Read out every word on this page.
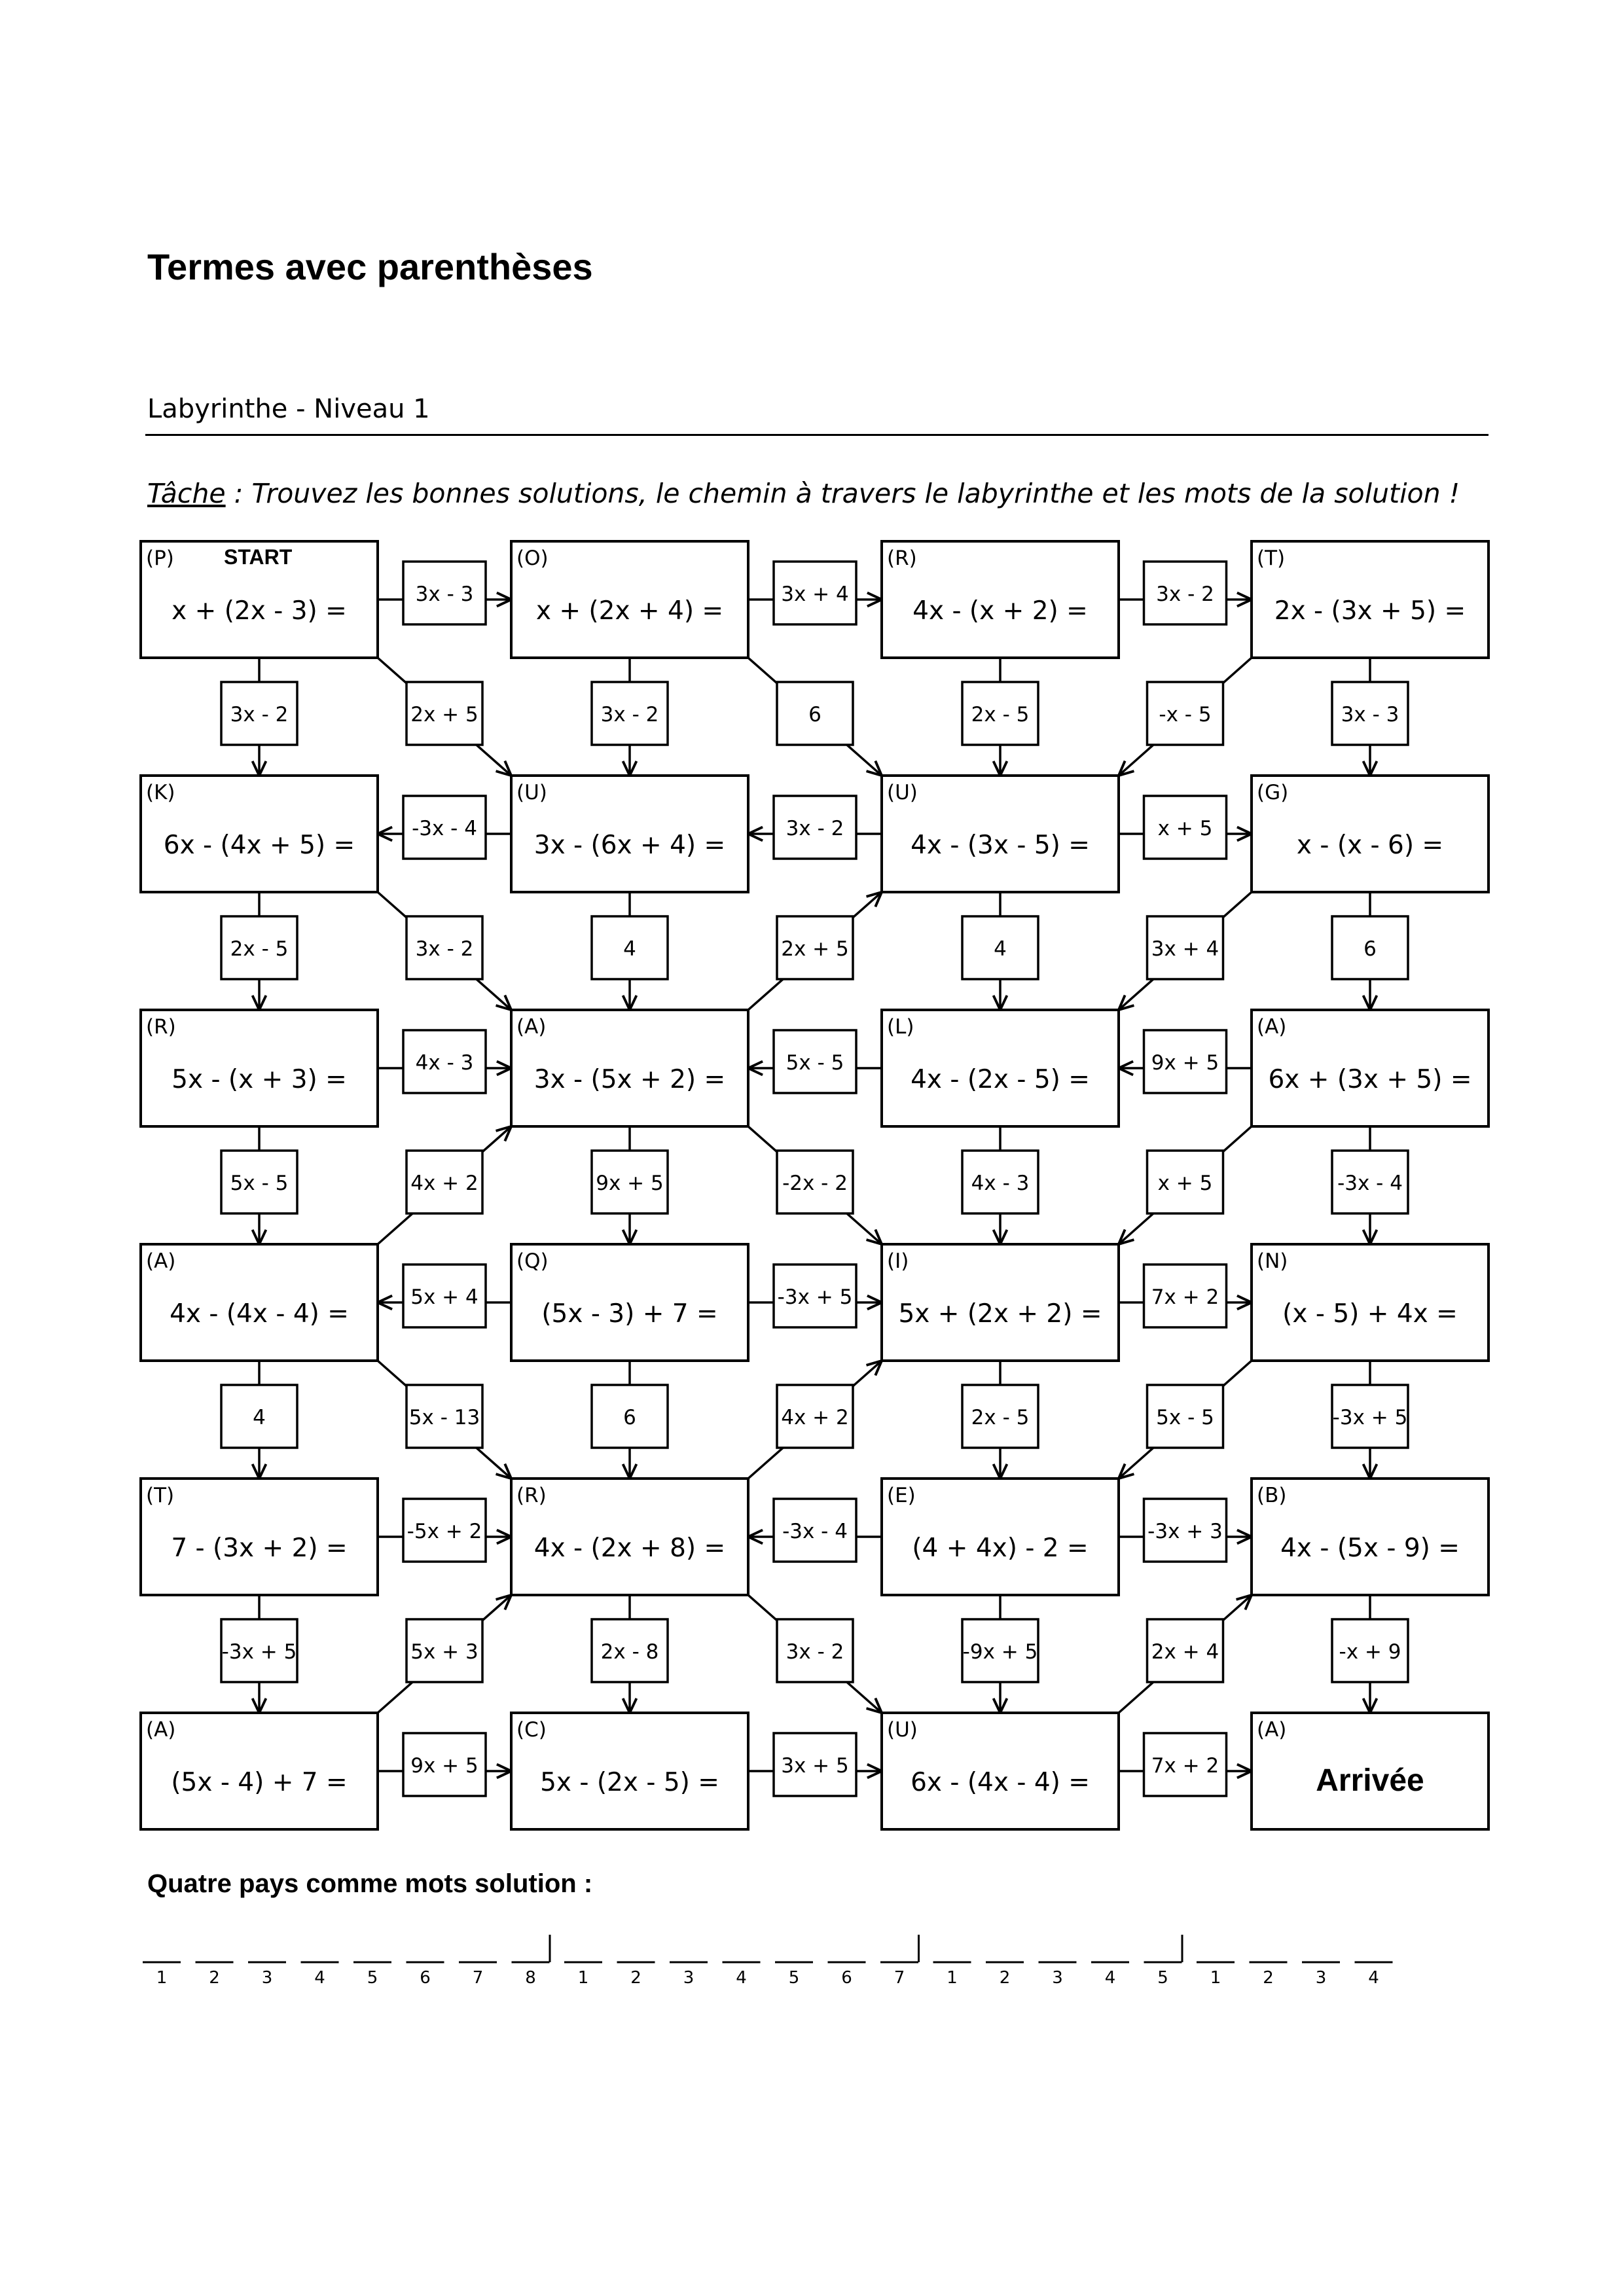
Termes avec parenthèses
Labyrinthe - Niveau 1
Tâche : Trouvez les bonnes solutions, le chemin à travers le labyrinthe et les mots de la solution !
(P)
x + (2x - 3) =
(O)
x + (2x + 4) =
(R)
4x - (x + 2) =
(T)
2x - (3x + 5) =
(K)
6x - (4x + 5) =
(U)
3x - (6x + 4) =
(U)
4x - (3x - 5) =
(G)
x - (x - 6) =
(R)
5x - (x + 3) =
(A)
3x - (5x + 2) =
(L)
4x - (2x - 5) =
(A)
6x + (3x + 5) =
(A)
4x - (4x - 4) =
(Q)
(5x - 3) + 7 =
(I)
5x + (2x + 2) =
(N)
(x - 5) + 4x =
(T)
7 - (3x + 2) =
(R)
4x - (2x + 8) =
(E)
(4 + 4x) - 2 =
(B)
4x - (5x - 9) =
(A)
(5x - 4) + 7 =
(C)
5x - (2x - 5) =
(U)
6x - (4x - 4) =
(A)
Arrivée
START
3x - 3	3x + 4	3x - 2
-3x - 4	3x - 2	x + 5
4x - 3	5x - 5	9x + 5
5x + 4	-3x + 5	7x + 2
-5x + 2	-3x - 4	-3x + 3
9x + 5	3x + 5	7x + 2
3x - 2	2x + 5	3x - 2	6	2x - 5	-x - 5	3x - 3
2x - 5	3x - 2	4	2x + 5	4	3x + 4	6
5x - 5	4x + 2	9x + 5	-2x - 2	4x - 3	x + 5	-3x - 4
4	5x - 13	6	4x + 2	2x - 5	5x - 5	-3x + 5
-3x + 5	5x + 3	2x - 8	3x - 2	-9x + 5	2x + 4	-x + 9
Quatre pays comme mots solution :
1 2 3 4 5 6 7 8 1 2 3 4 5 6 7 1 2 3 4 5 1 2 3 4
